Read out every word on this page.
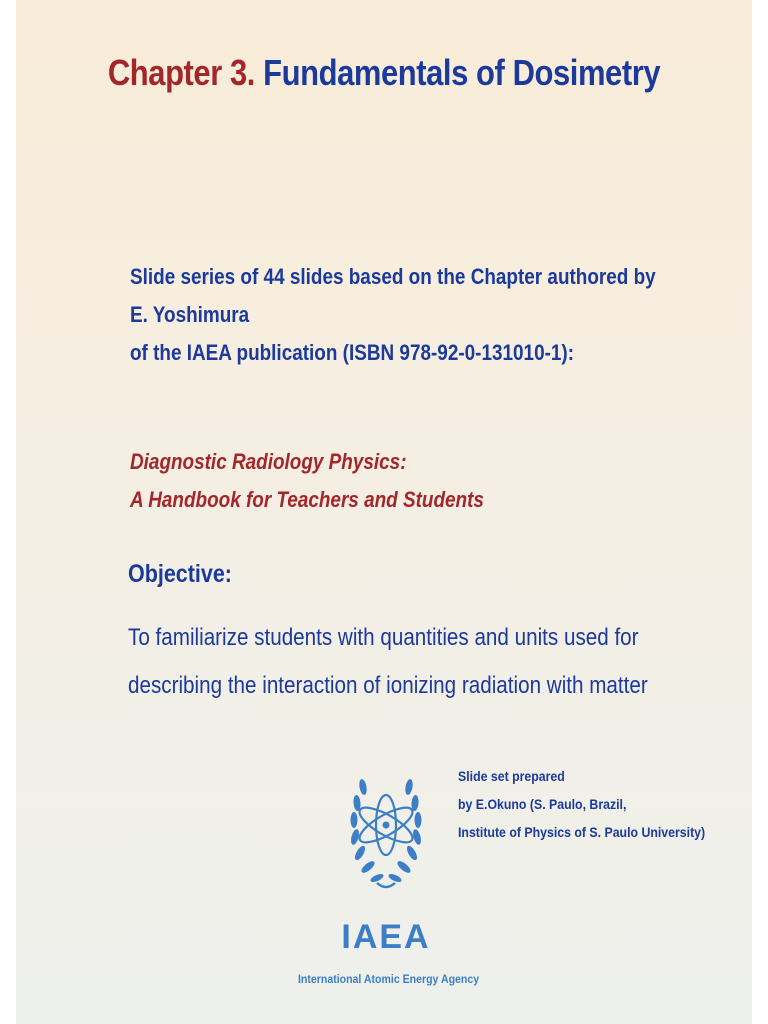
Chapter 3. Fundamentals of Dosimetry
Slide series of 44 slides based on the Chapter authored by
E. Yoshimura
of the IAEA publication (ISBN 978-92-0-131010-1):
Diagnostic Radiology Physics:
A Handbook for Teachers and Students
Objective:
To familiarize students with quantities and units used for
describing the interaction of ionizing radiation with matter
Slide set prepared
by E.Okuno (S. Paulo, Brazil,
Institute of Physics of S. Paulo University)
IAEA
International Atomic Energy Agency
